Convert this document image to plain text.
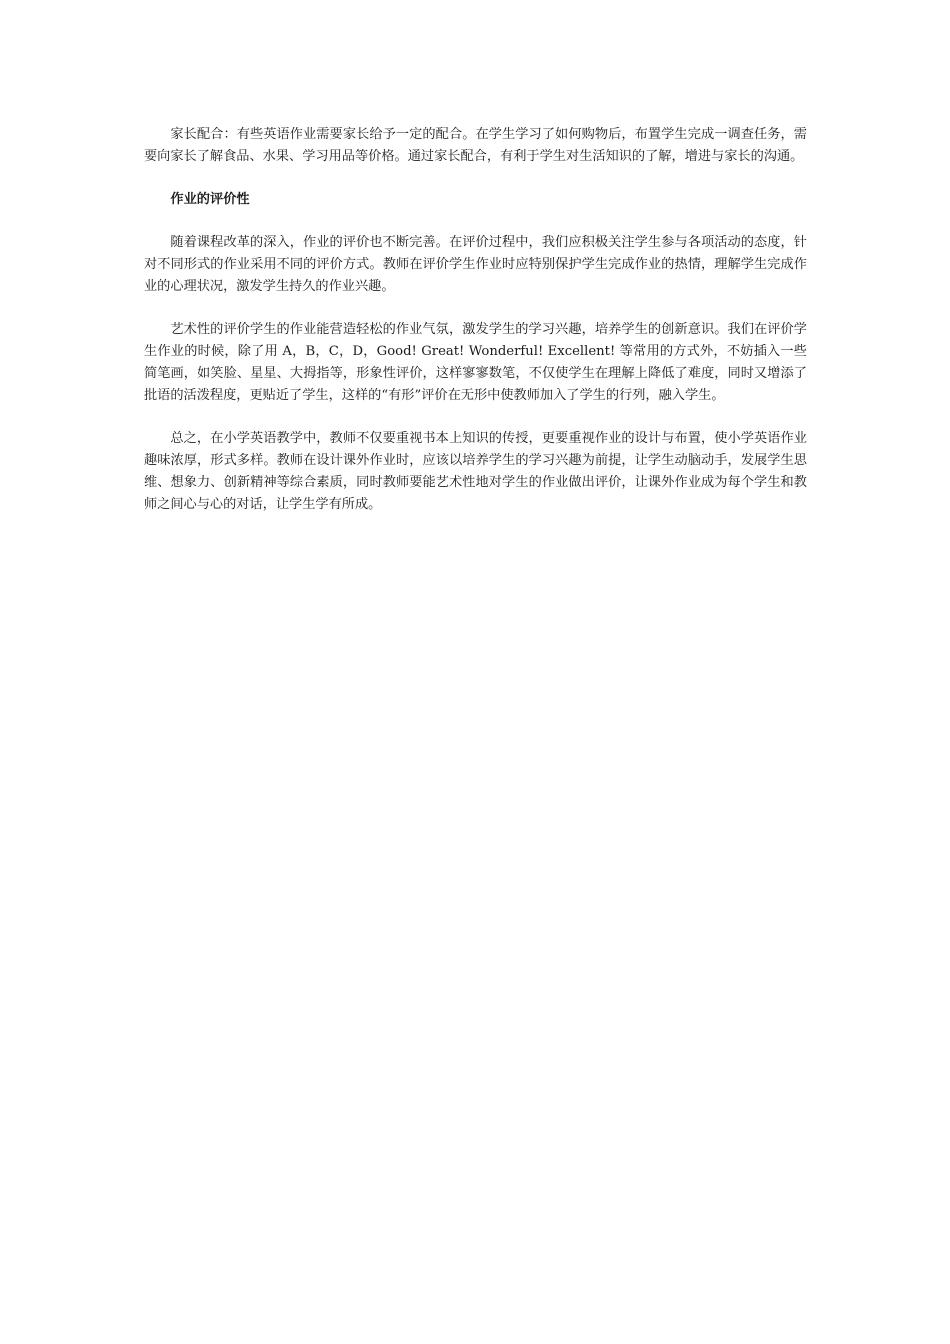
家长配合：有些英语作业需要家长给予一定的配合。在学生学习了如何购物后，布置学生完成一调查任务，需要向家长了解食品、水果、学习用品等价格。通过家长配合，有利于学生对生活知识的了解，增进与家长的沟通。

作业的评价性

随着课程改革的深入，作业的评价也不断完善。在评价过程中，我们应积极关注学生参与各项活动的态度，针对不同形式的作业采用不同的评价方式。教师在评价学生作业时应特别保护学生完成作业的热情，理解学生完成作业的心理状况，激发学生持久的作业兴趣。

艺术性的评价学生的作业能营造轻松的作业气氛，激发学生的学习兴趣，培养学生的创新意识。我们在评价学生作业的时候，除了用 A，B，C，D，Good! Great! Wonderful! Excellent! 等常用的方式外，不妨插入一些简笔画，如笑脸、星星、大拇指等，形象性评价，这样寥寥数笔，不仅使学生在理解上降低了难度，同时又增添了批语的活泼程度，更贴近了学生，这样的“有形”评价在无形中使教师加入了学生的行列，融入学生。

总之，在小学英语教学中，教师不仅要重视书本上知识的传授，更要重视作业的设计与布置，使小学英语作业趣味浓厚，形式多样。教师在设计课外作业时，应该以培养学生的学习兴趣为前提，让学生动脑动手，发展学生思维、想象力、创新精神等综合素质，同时教师要能艺术性地对学生的作业做出评价，让课外作业成为每个学生和教师之间心与心的对话，让学生学有所成。
